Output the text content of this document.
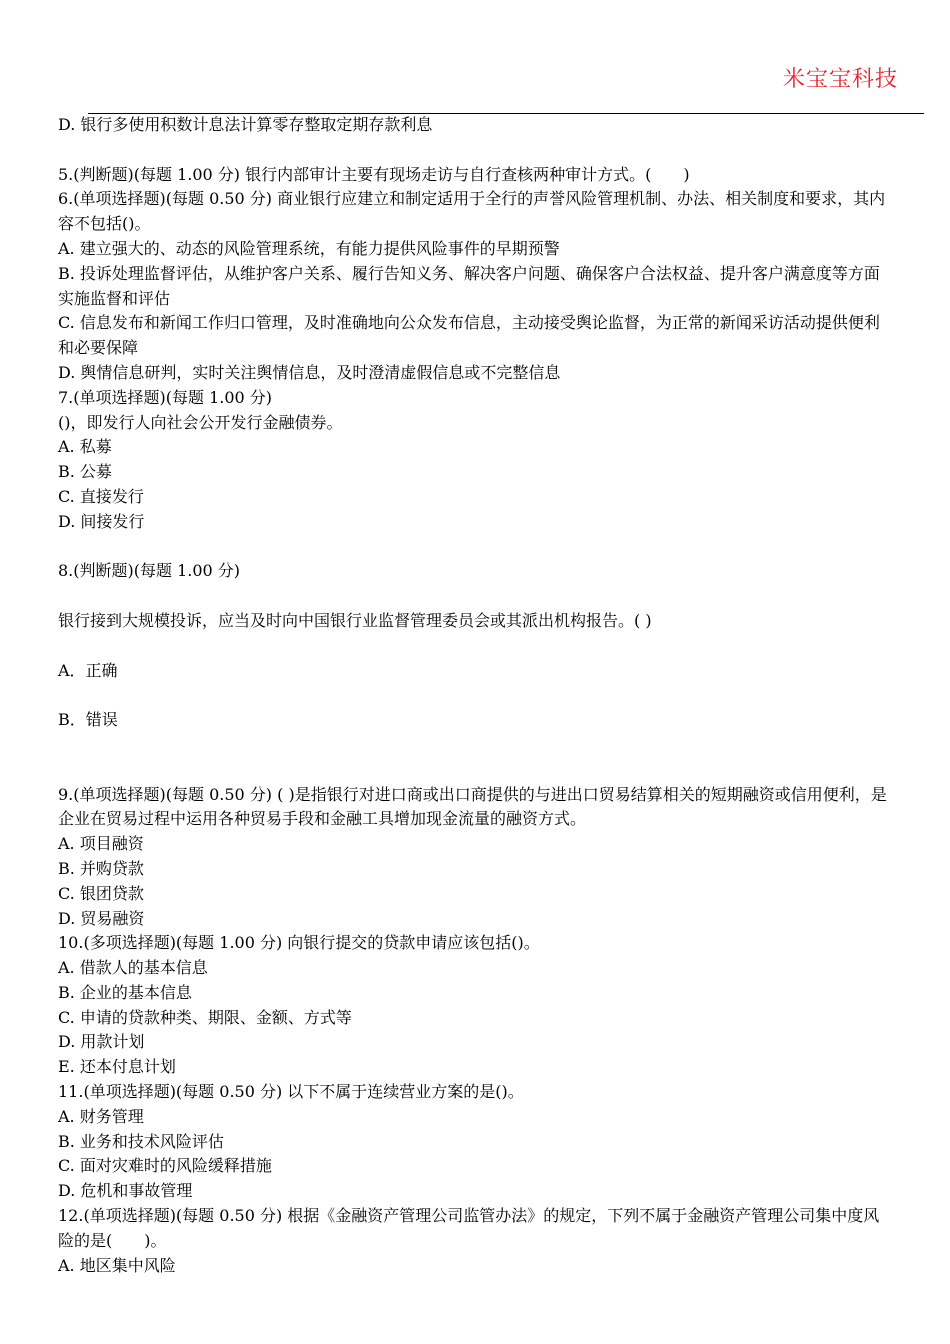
米宝宝科技
D. 银行多使用积数计息法计算零存整取定期存款利息
5.(判断题)(每题 1.00 分) 银行内部审计主要有现场走访与自行查核两种审计方式。(　　)
6.(单项选择题)(每题 0.50 分) 商业银行应建立和制定适用于全行的声誉风险管理机制、办法、相关制度和要求，其内容不包括()。
A. 建立强大的、动态的风险管理系统，有能力提供风险事件的早期预警
B. 投诉处理监督评估，从维护客户关系、履行告知义务、解决客户问题、确保客户合法权益、提升客户满意度等方面实施监督和评估
C. 信息发布和新闻工作归口管理，及时准确地向公众发布信息，主动接受舆论监督，为正常的新闻采访活动提供便利和必要保障
D. 舆情信息研判，实时关注舆情信息，及时澄清虚假信息或不完整信息
7.(单项选择题)(每题 1.00 分)
()，即发行人向社会公开发行金融债券。
A. 私募
B. 公募
C. 直接发行
D. 间接发行
8.(判断题)(每题 1.00 分)
银行接到大规模投诉，应当及时向中国银行业监督管理委员会或其派出机构报告。( )
A．正确
B．错误
9.(单项选择题)(每题 0.50 分) ( )是指银行对进口商或出口商提供的与进出口贸易结算相关的短期融资或信用便利，是企业在贸易过程中运用各种贸易手段和金融工具增加现金流量的融资方式。
A. 项目融资
B. 并购贷款
C. 银团贷款
D. 贸易融资
10.(多项选择题)(每题 1.00 分) 向银行提交的贷款申请应该包括()。
A. 借款人的基本信息
B. 企业的基本信息
C. 申请的贷款种类、期限、金额、方式等
D. 用款计划
E. 还本付息计划
11.(单项选择题)(每题 0.50 分) 以下不属于连续营业方案的是()。
A. 财务管理
B. 业务和技术风险评估
C. 面对灾难时的风险缓释措施
D. 危机和事故管理
12.(单项选择题)(每题 0.50 分) 根据《金融资产管理公司监管办法》的规定，下列不属于金融资产管理公司集中度风险的是(　　)。
A. 地区集中风险
